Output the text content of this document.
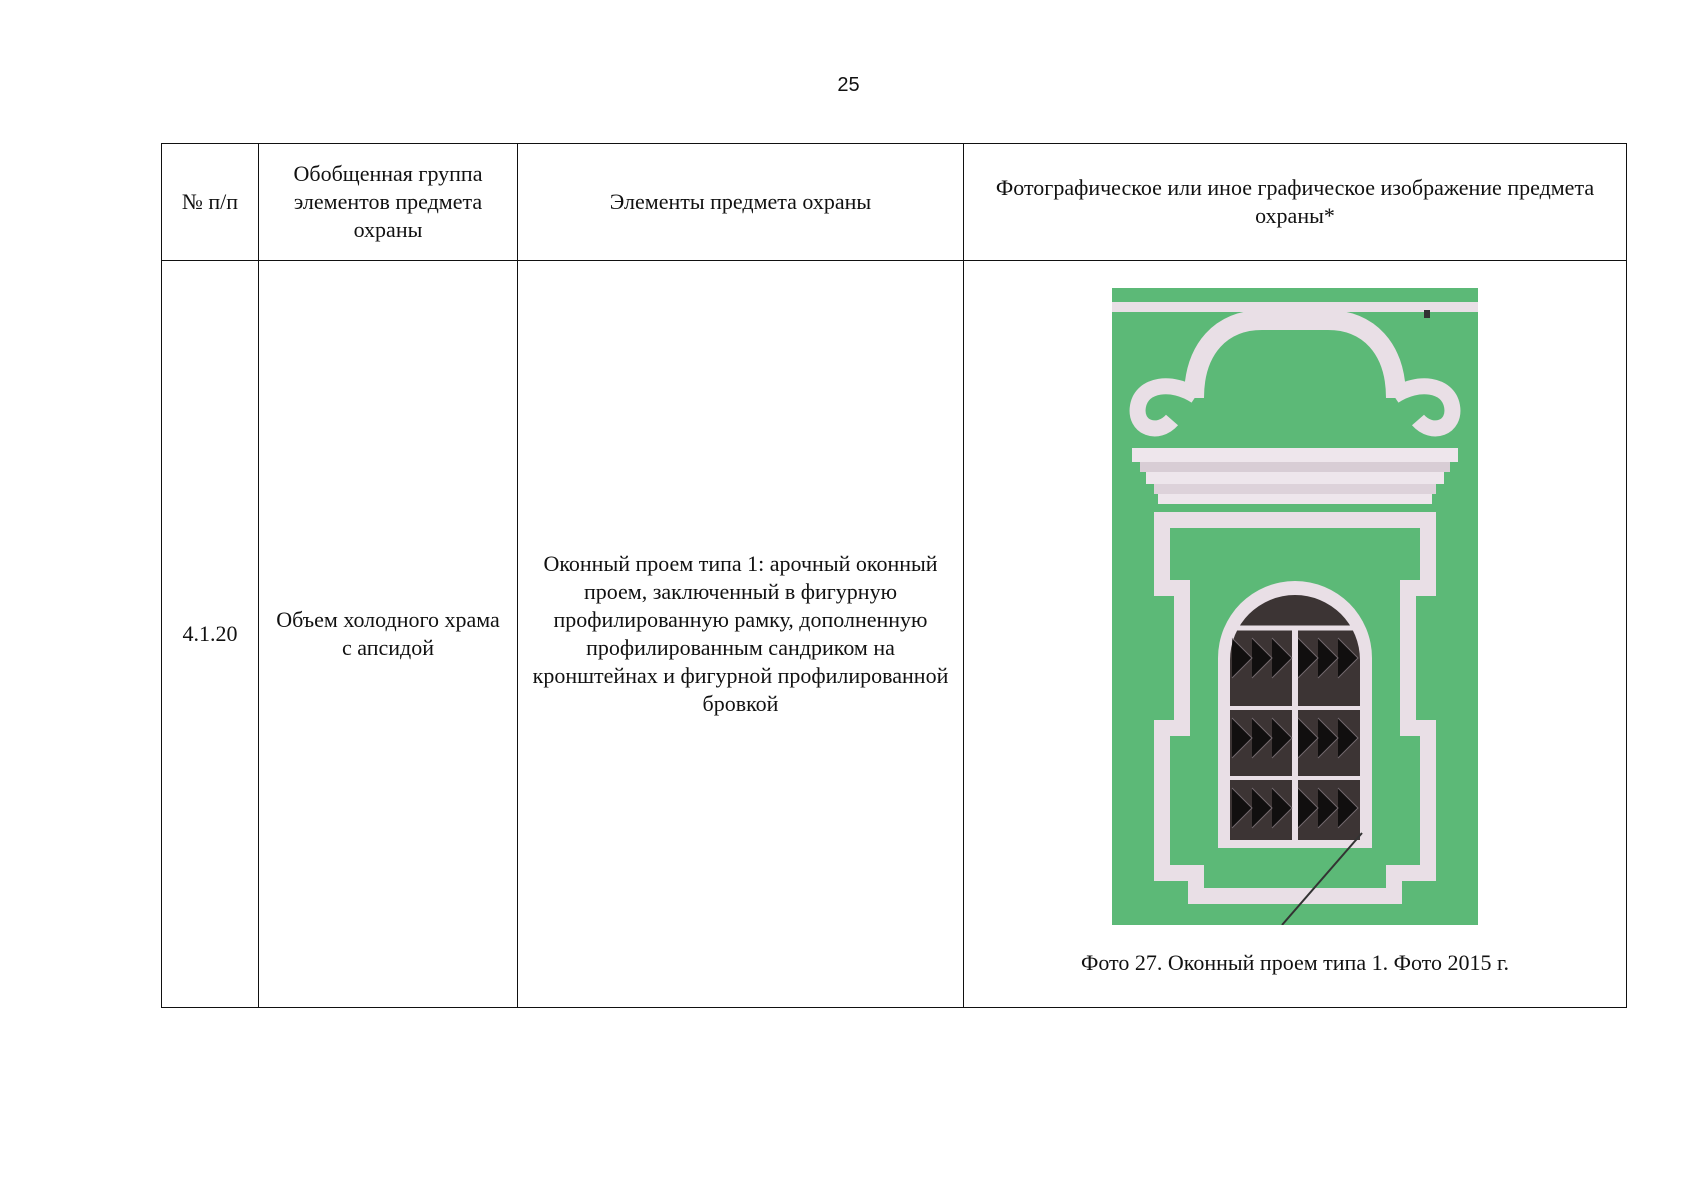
25
№ п/п	Обобщенная группа элементов предмета охраны	Элементы предмета охраны	Фотографическое или иное графическое изображение предмета охраны*
4.1.20	Объем холодного храма с апсидой	Оконный проем типа 1: арочный оконный проем, заключенный в фигурную профилированную рамку, дополненную профилированным сандриком на кронштейнах и фигурной профилированной бровкой	Фото 27. Оконный проем типа 1. Фото 2015 г.
